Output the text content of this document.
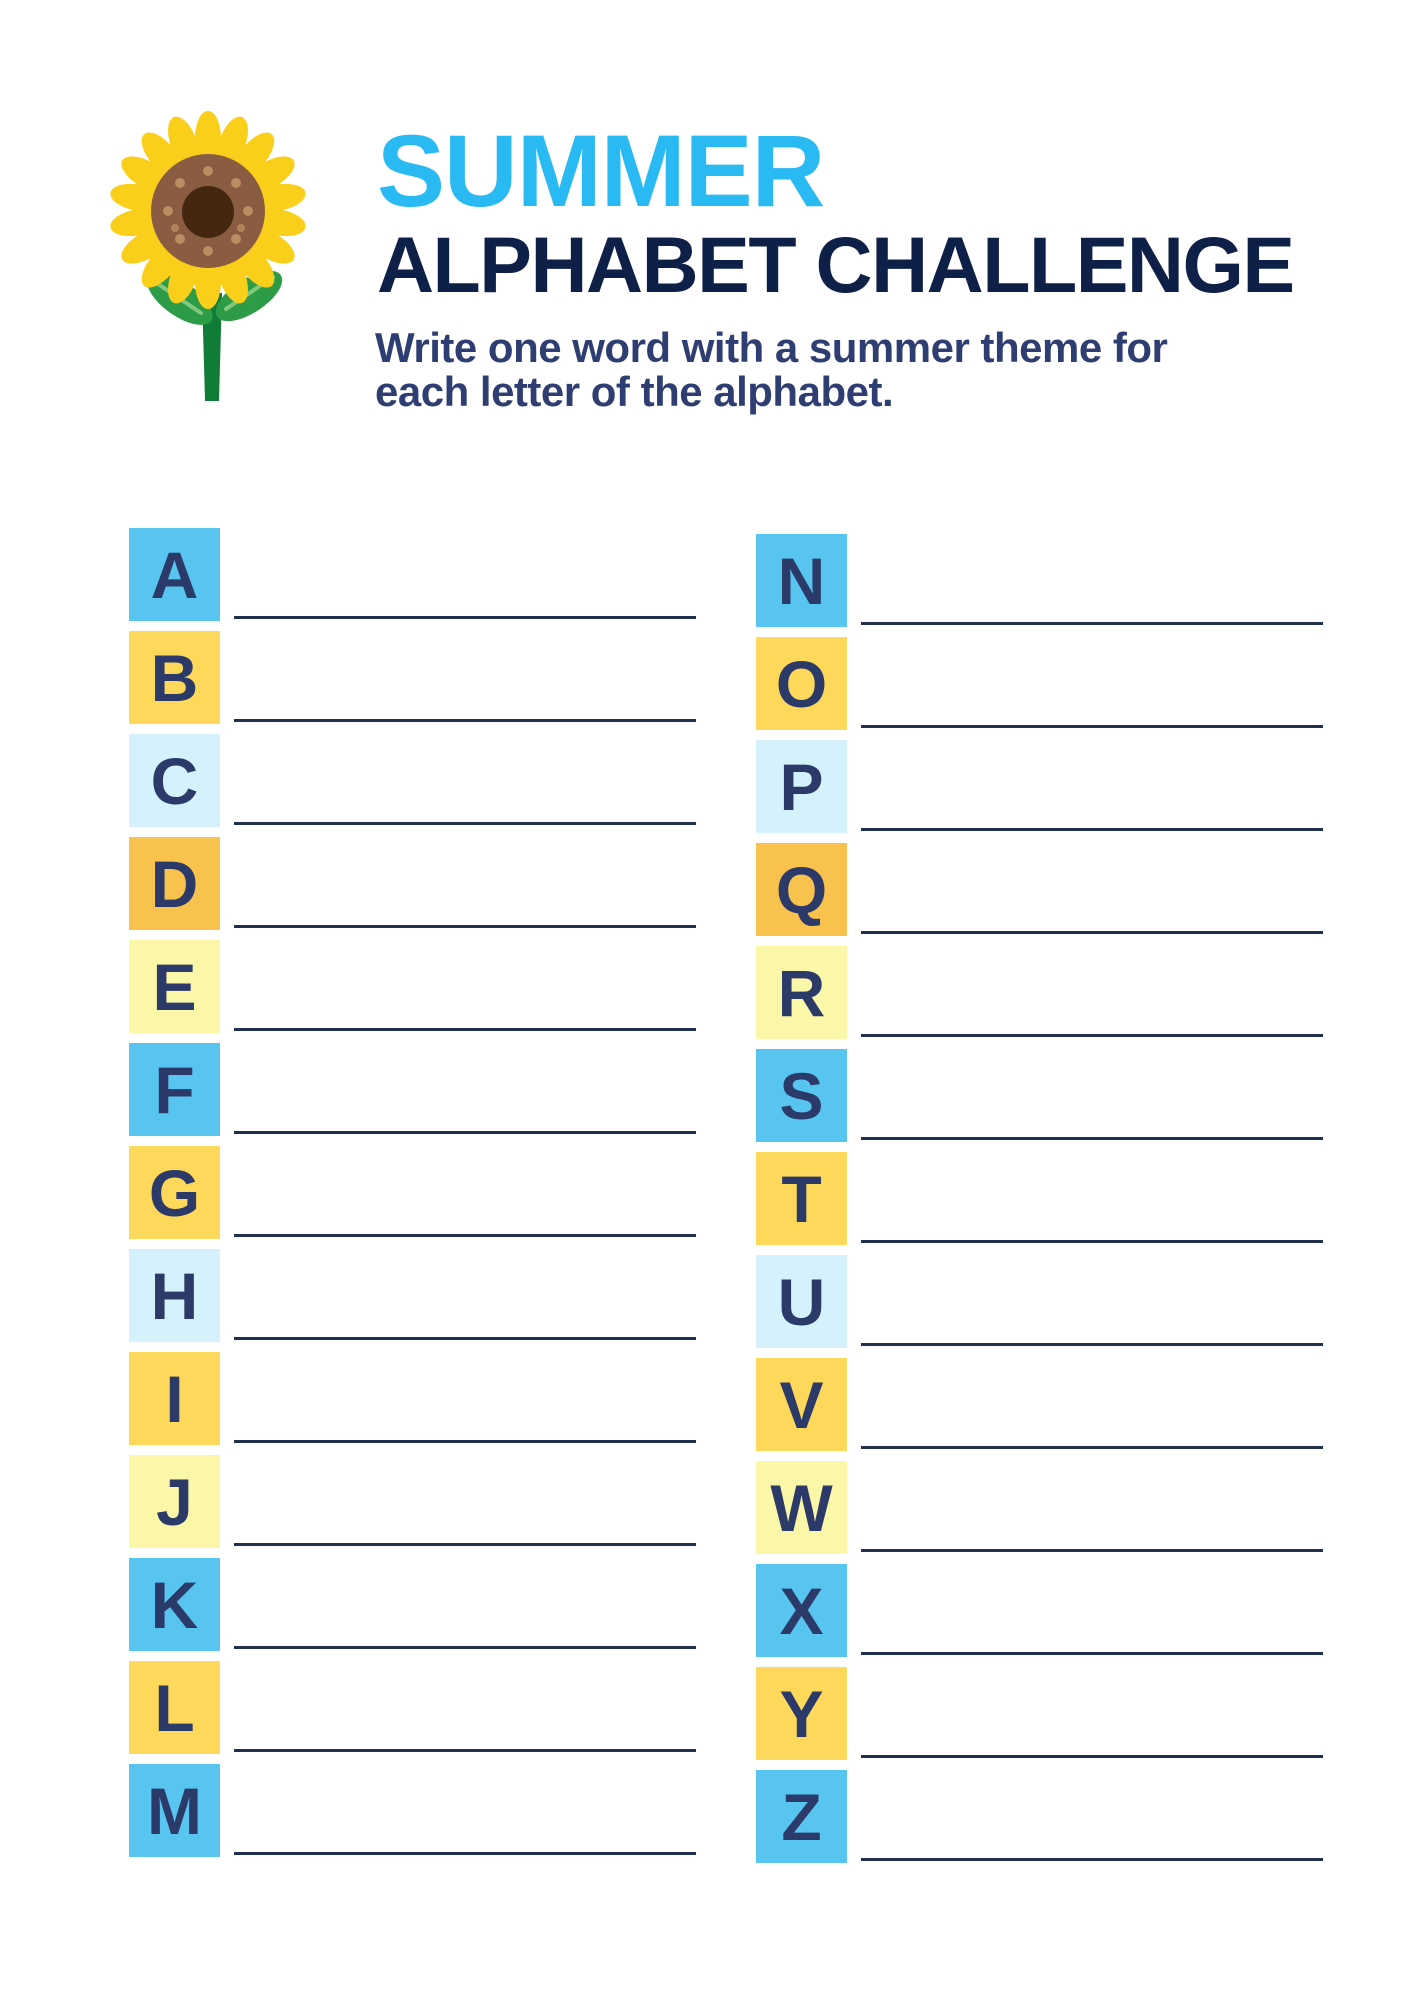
SUMMER
ALPHABET CHALLENGE
Write one word with a summer theme for
each letter of the alphabet.
A
B
C
D
E
F
G
H
I
J
K
L
M
N
O
P
Q
R
S
T
U
V
W
X
Y
Z
